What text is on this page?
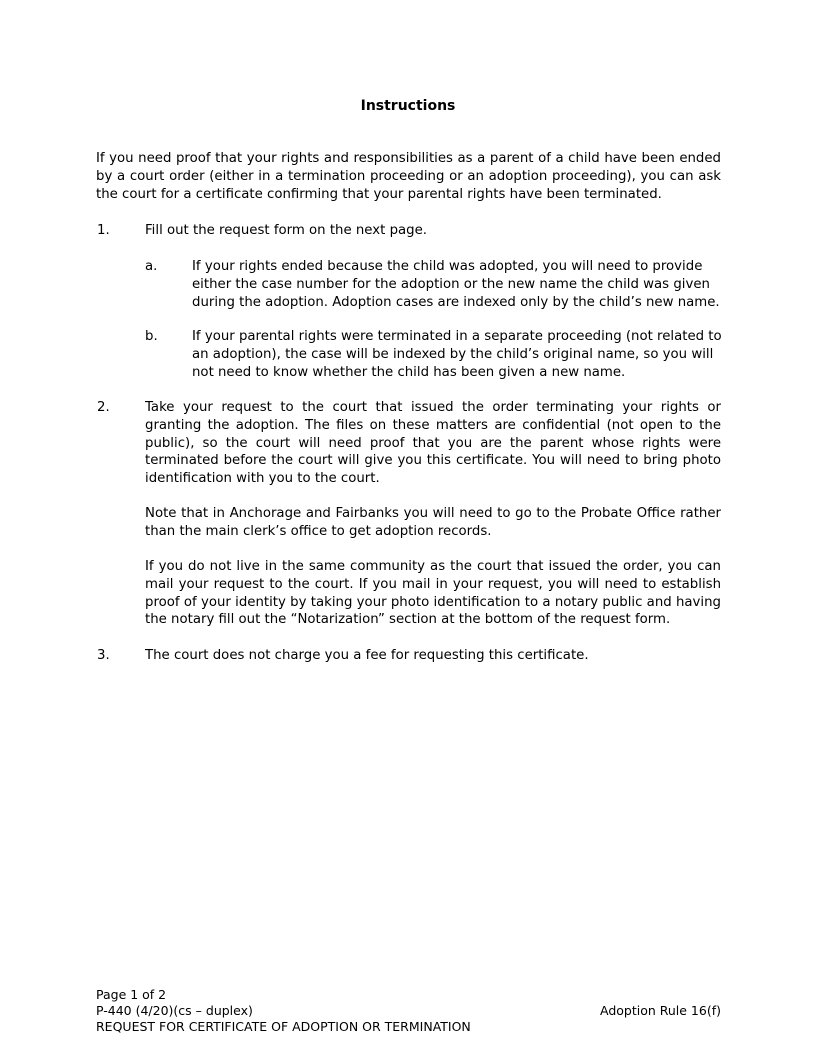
Instructions

If you need proof that your rights and responsibilities as a parent of a child have been ended by a court order (either in a termination proceeding or an adoption proceeding), you can ask the court for a certificate confirming that your parental rights have been terminated.

1.	Fill out the request form on the next page.

a.	If your rights ended because the child was adopted, you will need to provide either the case number for the adoption or the new name the child was given during the adoption. Adoption cases are indexed only by the child’s new name.

b.	If your parental rights were terminated in a separate proceeding (not related to an adoption), the case will be indexed by the child’s original name, so you will not need to know whether the child has been given a new name.

2.	Take your request to the court that issued the order terminating your rights or granting the adoption. The files on these matters are confidential (not open to the public), so the court will need proof that you are the parent whose rights were terminated before the court will give you this certificate. You will need to bring photo identification with you to the court.

Note that in Anchorage and Fairbanks you will need to go to the Probate Office rather than the main clerk’s office to get adoption records.

If you do not live in the same community as the court that issued the order, you can mail your request to the court. If you mail in your request, you will need to establish proof of your identity by taking your photo identification to a notary public and having the notary fill out the “Notarization” section at the bottom of the request form.

3.	The court does not charge you a fee for requesting this certificate.

Page 1 of 2
P-440 (4/20)(cs – duplex)	Adoption Rule 16(f)
REQUEST FOR CERTIFICATE OF ADOPTION OR TERMINATION
